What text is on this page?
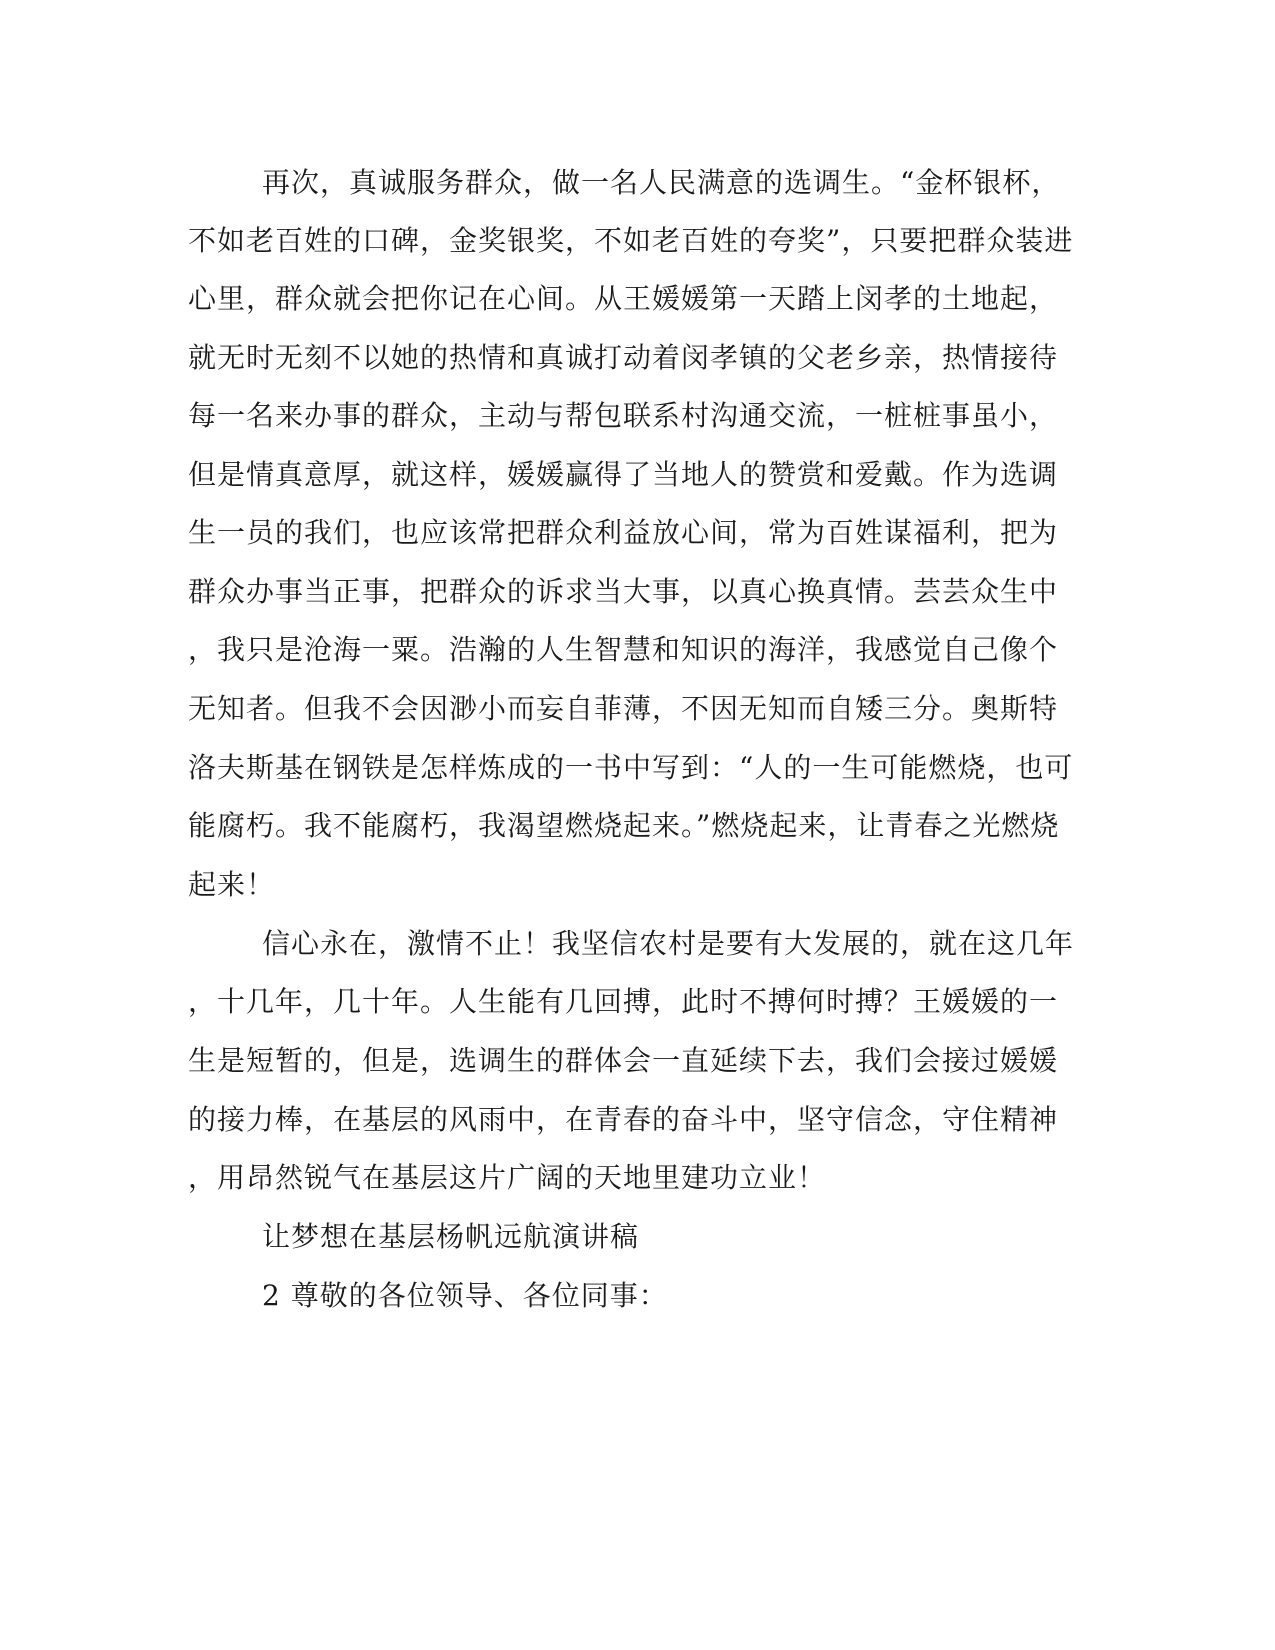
再次，真诚服务群众，做一名人民满意的选调生。“金杯银杯，
不如老百姓的口碑，金奖银奖，不如老百姓的夸奖”，只要把群众装进
心里，群众就会把你记在心间。从王媛媛第一天踏上闵孝的土地起，
就无时无刻不以她的热情和真诚打动着闵孝镇的父老乡亲，热情接待
每一名来办事的群众，主动与帮包联系村沟通交流，一桩桩事虽小，
但是情真意厚，就这样，媛媛赢得了当地人的赞赏和爱戴。作为选调
生一员的我们，也应该常把群众利益放心间，常为百姓谋福利，把为
群众办事当正事，把群众的诉求当大事，以真心换真情。芸芸众生中
，我只是沧海一粟。浩瀚的人生智慧和知识的海洋，我感觉自己像个
无知者。但我不会因渺小而妄自菲薄，不因无知而自矮三分。奥斯特
洛夫斯基在钢铁是怎样炼成的一书中写到：“人的一生可能燃烧，也可
能腐朽。我不能腐朽，我渴望燃烧起来。”燃烧起来，让青春之光燃烧
起来！
信心永在，激情不止！我坚信农村是要有大发展的，就在这几年
，十几年，几十年。人生能有几回搏，此时不搏何时搏？王媛媛的一
生是短暂的，但是，选调生的群体会一直延续下去，我们会接过媛媛
的接力棒，在基层的风雨中，在青春的奋斗中，坚守信念，守住精神
，用昂然锐气在基层这片广阔的天地里建功立业！
让梦想在基层杨帆远航演讲稿
2 尊敬的各位领导、各位同事：
